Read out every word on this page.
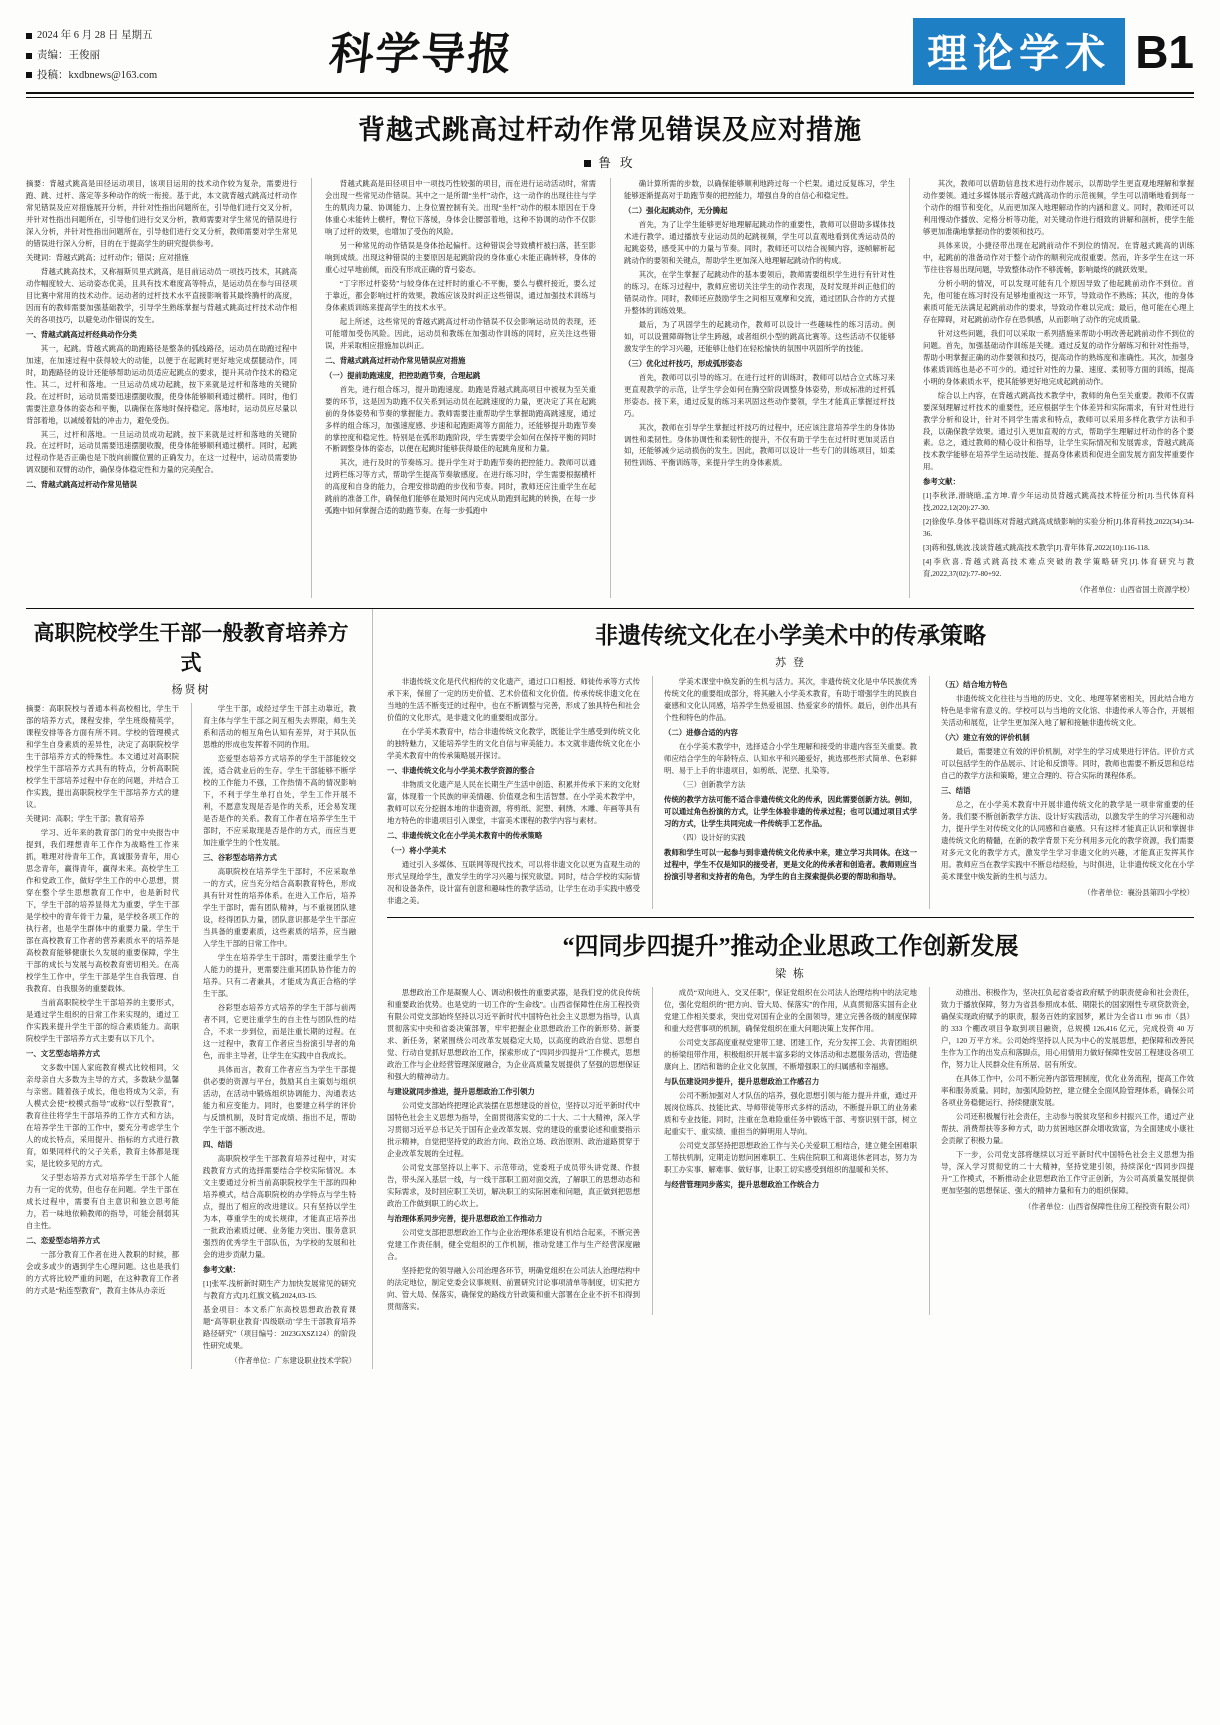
2024 年 6 月 28 日 星期五
责编：王俊丽
投稿：kxdbnews@163.com	科学导报	理论学术 B1
背越式跳高过杆动作常见错误及应对措施
鲁 玫

摘要：背越式跳高是田径运动项目，该项目运用的技术动作较为复杂，需要进行跑、跳、过杆、落定等多种动作的统一衔接。基于此，本文就背越式跳高过杆动作常见错误及应对措施展开分析，并针对性指出问题所在，引导他们进行交叉分析，并针对性指出问题所在，引导他们进行交叉分析，教师需要对学生常见的错误进行深入分析，并针对性指出问题所在，引导他们进行交叉分析，教师需要对学生常见的错误进行深入分析，目的在于提高学生的研究提供参考。

关键词：背越式跳高；过杆动作；错误；应对措施

背越式跳高技术，又称福斯贝里式跳高，是目前运动员一项技巧技术，其跳高动作幅度较大、运动姿态优美，且具有技术难度高等特点，是运动员在参与田径项目比赛中常用的技术动作。运动者的过杆技术水平直接影响着其最终腾杆的高度，因而有的教师需要加强基础教学，引导学生熟练掌握与背越式跳高过杆技术动作相关的各项技巧，以避免动作错误的发生。

一、背越式跳高过杆经典动作分类

其一，起跳。背越式跳高的助跑路径是整条的弧线路径，运动员在助跑过程中加速，在加速过程中获得较大的动能，以便于在起跳时更好地完成摆腿动作，同时，助跑路径的设计还能够帮助运动员适应起跳点的要求，提升其动作技术的稳定性。其二，过杆和落地。一旦运动员成功起跳，按下来就是过杆和落地的关键阶段。在过杆时，运动员需要迅速摆腿收腹，使身体能够顺利通过横杆。同时，他们需要注意身体的姿态和平衡，以确保在落地时保持稳定。落地时，运动员应尽量以背部着地，以减缓着陆的冲击力，避免受伤。

其三，过杆和落地。一旦运动员成功起跳，按下来就是过杆和落地的关键阶段。在过杆时，运动员需要迅速摆腿收腹，使身体能够顺利通过横杆。同时，起跳过程动作是否正确也是下肢向前髋位置的正确发力，在这一过程中，运动员需要协调双腿和双臂的动作，确保身体稳定性和力量的完美配合。

二、背越式跳高过杆动作常见错误

背越式跳高是田径项目中一项技巧性较强的项目，而在进行运动活动时，常需会出现一些常见动作错误。其中之一是所谓“坐杆”动作，这一动作的出现往往与学生的肌肉力量、协调能力、上身位置控制有关。出现“坐杆”动作的根本原因在于身体重心未能转上横杆，臀位下落缓，身体会让腰部着地，这种不协调的动作不仅影响了过杆的效果，也增加了受伤的风险。

另一种常见的动作错误是身体抬起偏杆。这种错误会导致横杆被扫落，甚至影响到成绩。出现这种错误的主要原因是起跳阶段的身体重心未能正确转移，身体的重心过早地前倾，而没有形成正确的背弓姿态。

“丁字形过杆姿势”与较身体在过杆时的重心不平衡，要么与横杆接近，要么过于靠近，都会影响过杆的效果，教练应该及时纠正这些错误，通过加强技术训练与身体素质训练来提高学生的技术水平。

起上所述，这些常见的背越式跳高过杆动作错误不仅会影响运动员的表现，还可能增加受伤风险。因此，运动员和教练在加强动作训练的同时，应关注这些错误，并采取相应措施加以纠正。

二、背越式跳高过杆动作常见错误应对措施

（一）提前助跑速度，把控助跑节奏，合理起跳

首先，进行组合练习，提升助跑速度。助跑是背越式跳高项目中被视为至关重要的环节，这是因为助跑不仅关系到运动员在起跳速度的力量，更决定了其在起跳前的身体姿势和节奏的掌握能力。教师需要注重帮助学生掌握助跑高跳速度，通过多样的组合练习，加强速度感、步速和起跑距离等方面能力，还能够提升助跑节奏的掌控度和稳定性。特别是在弧形助跑阶段，学生需要学会如何在保持平衡的同时不断调整身体的姿态，以便在起跳时能够获得最佳的起跳角度和力量。

其次，进行及时的节奏练习。提升学生对于助跑节奏的把控能力。教师可以通过跨栏练习等方式，帮助学生提高节奏敏感度。在进行练习时，学生需要根据横杆的高度和自身的能力，合理安排助跑的步伐和节奏。同时，教师还应注重学生在起跳前的准备工作，确保他们能够在最短时间内完成从助跑到起跳的转换，在每一步弧跑中如何掌握合适的助跑节奏。在每一步弧跑中

确计算所需的步数，以确保能够顺利地跨过每一个栏架。通过反复练习，学生能够逐渐提高对于助跑节奏的把控能力，增强自身的自信心和稳定性。

（二）强化起跳动作，无分腾起

首先，为了让学生能够更好地理解起跳动作的重要性，教师可以借助多媒体技术进行教学。通过播放专业运动员的起跳视频，学生可以直观地看到优秀运动员的起跳姿势，感受其中的力量与节奏。同时，教师还可以结合视频内容，逐帧解析起跳动作的要领和关键点，帮助学生更加深入地理解起跳动作的构成。

其次，在学生掌握了起跳动作的基本要领后，教师需要组织学生进行有针对性的练习。在练习过程中，教师应密切关注学生的动作表现，及时发现并纠正他们的错误动作。同时，教师还应鼓励学生之间相互观摩和交流，通过团队合作的方式提升整体的训练效果。

最后，为了巩固学生的起跳动作，教师可以设计一些趣味性的练习活动。例如，可以设置障碍物让学生跨越，或者组织小型的跳高比赛等。这些活动不仅能够激发学生的学习兴趣，还能够让他们在轻松愉快的氛围中巩固所学的技能。

（三）优化过杆技巧，形成弧形姿态

首先，教师可以引导的练习。在进行过杆的训练时，教师可以结合立式练习来更直观教学的示范，让学生学会如何在腾空阶段调整身体姿势，形成标准的过杆弧形姿态。接下来，通过反复的练习来巩固这些动作要领，学生才能真正掌握过杆技巧。

其次，教师在引导学生掌握过杆技巧的过程中，还应该注意培养学生的身体协调性和柔韧性。身体协调性和柔韧性的提升，不仅有助于学生在过杆时更加灵活自如，还能够减少运动损伤的发生。因此，教师可以设计一些专门的训练项目，如柔韧性训练、平衡训练等，来提升学生的身体素质。

其次，教师可以借助信息技术进行动作展示，以帮助学生更直观地理解和掌握动作要领。通过多媒体展示背越式跳高动作的示范视频，学生可以清晰地看到每一个动作的细节和变化，从而更加深入地理解动作的内涵和意义。同时，教师还可以利用慢动作播放、定格分析等功能，对关键动作进行细致的讲解和剖析，使学生能够更加准确地掌握动作的要领和技巧。

具体来说，小捷径带出现在起跳前动作不到位的情况。在背越式跳高的训练中，起跳前的准备动作对于整个动作的顺利完成很重要。然而，许多学生在这一环节往往容易出现问题，导致整体动作不够流畅，影响最终的跳跃效果。

分析小明的情况，可以发现可能有几个原因导致了他起跳前动作不到位。首先，他可能在练习时没有足够地重视这一环节，导致动作不熟练；其次，他的身体素质可能无法满足起跳前动作的要求，导致动作难以完成；最后，他可能在心理上存在障碍，对起跳前动作存在恐惧感，从而影响了动作的完成质量。

针对这些问题，我们可以采取一系列措施来帮助小明改善起跳前动作不到位的问题。首先，加强基础动作训练是关键。通过反复的动作分解练习和针对性指导，帮助小明掌握正确的动作要领和技巧，提高动作的熟练度和准确性。其次，加强身体素质训练也是必不可少的。通过针对性的力量、速度、柔韧等方面的训练，提高小明的身体素质水平，使其能够更好地完成起跳前动作。

综合以上内容，在背越式跳高技术教学中，教师的角色至关重要。教师不仅需要深刻理解过杆技术的重要性，还应根据学生个体差异和实际需求，有针对性进行教学分析和设计，针对不同学生需求和特点，教师可以采用多样化教学方法和手段，以确保教学效果。通过引入更加直观的方式，帮助学生理解过杆动作的各个要素。总之，通过教师的精心设计和指导，让学生实际情况和发展需求，背越式跳高技术教学能够在培养学生运动技能、提高身体素质和促进全面发展方面发挥重要作用。

参考文献：

[1]李秋泽,滑晓暗,孟方坤.青少年运动员背越式跳高技术特征分析[J].当代体育科技,2022,12(20):27-30.

[2]徐俊华.身体平稳训练对背越式跳高成绩影响的实验分析[J].体育科技,2022(34):34-36.

[3]蒋和强,姚波.浅谈背越式跳高技术教学[J].青年体育,2022(10):116-118.

[4]李欣喜.背越式跳高技术难点突破的教学策略研究[J].体育研究与教育,2022,37(02):77-80+92.

（作者单位：山西省国土资源学校）

高职院校学生干部一般教育培养方式
杨贤树

摘要：高职院校与普通本科高校相比，学生干部的培养方式，课程安排，学生班级精英学，课程安排等各方面有所不同。学校的管理模式和学生自身素质的差异性，决定了高职院校学生干部培养方式的特殊性。本文通过对高职院校学生干部培养方式具有的特点，分析高职院校学生干部培养过程中存在的问题，并结合工作实践，提出高职院校学生干部培养方式的建议。

关键词：高职；学生干部；教育培养

学习、近年来的教育部门的党中央报告中提到，我们理想青年工作作为战略性工作来抓，唯理对待青年工作，真诚服务青年，用心思念青年，赢得青年，赢得未来。高校学生工作和党政工作，做好学生工作的中心思想，贯穿在整个学生思想教育工作中，也是新时代下，学生干部的培养显得尤为重要，学生干部是学校中的青年骨干力量，是学校各项工作的执行者，也是学生群体中的重要力量。学生干部在高校教育工作者的营养素质水平的培养是高校教育能够健康长久发展的重要保障，学生干部的成长与发展与高校教育密切相关。在高校学生工作中，学生干部是学生自我管理、自我教育、自我服务的重要载体。

当前高职院校学生干部培养的主要形式，是通过学生组织的日常工作来实现的，通过工作实践来提升学生干部的综合素质能力。高职院校学生干部培养方式主要有以下几个。

一、文艺型态培养方式

文多数中国人家庭教育模式比较相同，父亲母亲自大多数为主导的方式，多数缺少温馨与亲密。随着孩子成长，他也将成为父亲，有人模式会使“校模式指导”或称“以行型教育”，教育往往将学生干部培养的工作方式和方法，在培养学生干部的工作中，要充分考虑学生个人的成长特点，采用提升、指标的方式进行教育，如果同样代的父子关系，教育主体都是现实，是比较多见的方式。

父子型态培养方式对培养学生干部个人能力有一定的优势，但也存在问题。学生干部在成长过程中，需要有自主意识和独立思考能力，若一味地依赖教师的指导，可能会削弱其自主性。

二、恋爱型态培养方式

一部分教育工作者在进入教职的时候，都会或多或少的遇到学生心理问题。这也是我们的方式将比较严重的问题，在这种教育工作者的方式是“粘连型教育”，教育主体从办亲近

学生干部，或经过学生干部主动靠近，教育主体与学生干部之间互相失去界限，师生关系和活动的相互角色认知有差异，对于其队伍思维的形成也发挥着不同的作用。

恋爱型态培养方式培养的学生干部能较交流，适合就业后的生存。学生干部能够不断学校的工作能力不强，工作热情不高的情况影响下，不利于学生单打自处，学生工作开展不利，不愿意发现是否是作的关系，还会易发现是否是作的关系。教育工作者在培养学生生干部时，不应采取现是否是作的方式，而应当更加注重学生的个性发展。

三、谷彩型态培养方式

高职院校在培养学生干部时，不应采取单一的方式，应当充分结合高职教育特色，形成具有针对性的培养体系。在进入工作后，培养学生干部时，需有团队精神，与不重视团队建设，经得团队力量，团队意识都是学生干部应当具备的重要素质，这些素质的培养，应当融入学生干部的日常工作中。

学生在培养学生干部时，需要注重学生个人能力的提升，更需要注重其团队协作能力的培养。只有二者兼具，才能成为真正合格的学生干部。

谷彩型态培养方式培养的学生干部与前两者不同，它更注重学生的自主性与团队性的结合，不求一步到位，而是注重长期的过程。在这一过程中，教育工作者应当扮演引导者的角色，而非主导者，让学生在实践中自我成长。

具体而言，教育工作者应当为学生干部提供必要的资源与平台，鼓励其自主策划与组织活动，在活动中锻炼组织协调能力、沟通表达能力和应变能力。同时，也要建立科学的评价与反馈机制，及时肯定成绩、指出不足，帮助学生干部不断改进。

四、结语

高职院校学生干部教育培养过程中，对实践教育方式的选择需要结合学校实际情况。本文主要通过分析当前高职院校学生干部的四种培养模式，结合高职院校的办学特点与学生特点，提出了相应的改进建议。只有坚持以学生为本，尊重学生的成长规律，才能真正培养出一批政治素质过硬、业务能力突出、服务意识强烈的优秀学生干部队伍，为学校的发展和社会的进步贡献力量。

参考文献：

[1]张军.浅析新时期生产力加快发展常见的研究与教育方式[J].红旗文稿,2024,03-15.

基金项目：本文系广东高校思想政治教育课题“高等职业教育‘四级联动’学生干部教育培养路径研究”（项目编号：2023GXSZ124）的阶段性研究成果。

（作者单位：广东建设职业技术学院）

非遗传统文化在小学美术中的传承策略
苏 登

非遗传统文化是代代相传的文化遗产，通过口口相授、师徒传承等方式传承下来，保留了一定的历史价值、艺术价值和文化价值。传承传统非遗文化在当地的生活不断变迁的过程中，也在不断调整与完善，形成了独具特色和社会价值的文化形式，是非遗文化的重要组成部分。

在小学美术教育中，结合非遗传统文化教学，既能让学生感受到传统文化的独特魅力，又能培养学生的文化自信与审美能力。本文就非遗传统文化在小学美术教育中的传承策略展开探讨。

一、非遗传统文化与小学美术教学资源的整合

非物质文化遗产是人民在长期生产生活中创造、积累并传承下来的文化财富，体现着一个民族的审美情趣、价值观念和生活智慧。在小学美术教学中，教师可以充分挖掘本地的非遗资源，将剪纸、泥塑、刺绣、木雕、年画等具有地方特色的非遗项目引入课堂，丰富美术课程的教学内容与素材。

二、非遗传统文化在小学美术教育中的传承策略

（一）将小学美术

通过引入多媒体、互联网等现代技术，可以将非遗文化以更为直观生动的形式呈现给学生，激发学生的学习兴趣与探究欲望。同时，结合学校的实际情况和设备条件，设计富有创意和趣味性的教学活动，让学生在动手实践中感受非遗之美。

学美术课堂中焕发新的生机与活力。其次，非遗传统文化是中华民族优秀传统文化的重要组成部分，将其融入小学美术教育，有助于增强学生的民族自豪感和文化认同感，培养学生热爱祖国、热爱家乡的情怀。最后，创作出具有个性和特色的作品。

（二）进修合适的内容

在小学美术教学中，选择适合小学生理解和接受的非遗内容至关重要。教师应结合学生的年龄特点、认知水平和兴趣爱好，挑选那些形式简单、色彩鲜明、易于上手的非遗项目，如剪纸、泥塑、扎染等。

（三）创新教学方法

传统的教学方法可能不适合非遗传统文化的传承，因此需要创新方法。例如，可以通过角色扮演的方式，让学生体验非遗的传承过程；也可以通过项目式学习的方式，让学生共同完成一件传统手工艺作品。

（四）设计好的实践

教师和学生可以一起参与到非遗传统文化传承中来，建立学习共同体。在这一过程中，学生不仅是知识的接受者，更是文化的传承者和创造者。教师则应当扮演引导者和支持者的角色，为学生的自主探索提供必要的帮助和指导。

（五）结合地方特色

非遗传统文化往往与当地的历史、文化、地理等紧密相关，因此结合地方特色是非常有意义的。学校可以与当地的文化馆、非遗传承人等合作，开展相关活动和展览，让学生更加深入地了解和接触非遗传统文化。

（六）建立有效的评价机制

最后，需要建立有效的评价机制，对学生的学习成果进行评估。评价方式可以包括学生的作品展示、讨论和反馈等。同时，教师也需要不断反思和总结自己的教学方法和策略，建立合理的、符合实际的课程体系。

三、结语

总之，在小学美术教育中开展非遗传统文化的教学是一项非常重要的任务。我们要不断创新教学方法、设计好实践活动，以激发学生的学习兴趣和动力，提升学生对传统文化的认同感和自豪感。只有这样才能真正认识和掌握非遗传统文化的精髓，在新的教学背景下充分利用多元化的教学资源，我们需要对多元文化的教学方式，激发学生学习非遗文化的兴趣，才能真正发挥其作用。教师应当在教学实践中不断总结经验，与时俱进，让非遗传统文化在小学美术课堂中焕发新的生机与活力。

（作者单位：襄汾县第四小学校）

“四同步四提升”推动企业思政工作创新发展
梁 栋

思想政治工作是凝聚人心、调动积极性的重要武器，是我们党的优良传统和重要政治优势。也是党的一切工作的“生命线”。山西省保障性住房工程投资有限公司党支部始终坚持以习近平新时代中国特色社会主义思想为指导，认真贯彻落实中央和省委决策部署，牢牢把握企业思想政治工作的新形势、新要求、新任务，紧紧围绕公司改革发展稳定大局，以高度的政治自觉、思想自觉、行动自觉抓好思想政治工作，探索形成了“四同步四提升”工作模式，思想政治工作与企业经营管理深度融合，为企业高质量发展提供了坚强的思想保证和强大的精神动力。

与建设就同步推进，提升思想政治工作引领力

公司党支部始终把理论武装摆在思想建设的首位，坚持以习近平新时代中国特色社会主义思想为指导，全面贯彻落实党的二十大、二十大精神，深入学习贯彻习近平总书记关于国有企业改革发展、党的建设的重要论述和重要指示批示精神，自觉把坚持党的政治方向、政治立场、政治原则、政治道路贯穿于企业改革发展的全过程。

公司党支部坚持以上率下、示范带动，党委班子成员带头讲党课、作报告，带头深入基层一线，与一线干部职工面对面交流，了解职工的思想动态和实际需求，及时回应职工关切，解决职工的实际困难和问题，真正做到把思想政治工作做到职工的心坎上。

与治理体系同步完善，提升思想政治工作推动力

公司党支部把思想政治工作与企业治理体系建设有机结合起来，不断完善党建工作责任制，健全党组织的工作机制，推动党建工作与生产经营深度融合。

坚持把党的领导融入公司治理各环节，明确党组织在公司法人治理结构中的法定地位，制定党委会议事规则、前置研究讨论事项清单等制度，切实把方向、管大局、保落实，确保党的路线方针政策和重大部署在企业不折不扣得到贯彻落实。

成员“双向进入、交叉任职”，保证党组织在公司法人治理结构中的法定地位，强化党组织的“把方向、管大局、保落实”的作用，从真贯彻落实国有企业党建工作相关要求，突出党对国有企业的全面领导，建立完善各级的制度保障和重大经营事项的机制，确保党组织在重大问题决策上发挥作用。

公司党支部高度重视党建带工建、团建工作，充分发挥工会、共青团组织的桥梁纽带作用，积极组织开展丰富多彩的文体活动和志愿服务活动，营造健康向上、团结和谐的企业文化氛围，不断增强职工的归属感和幸福感。

与队伍建设同步提升，提升思想政治工作感召力

公司不断加强对人才队伍的培养，强化思想引领与能力提升并重，通过开展岗位练兵、技能比武、导师带徒等形式多样的活动，不断提升职工的业务素质和专业技能。同时，注重在急难险重任务中锻炼干部、考察识别干部，树立起重实干、重实绩、重担当的鲜明用人导向。

公司党支部坚持把思想政治工作与关心关爱职工相结合，建立健全困难职工帮扶机制，定期走访慰问困难职工、生病住院职工和离退休老同志，努力为职工办实事、解难事、做好事，让职工切实感受到组织的温暖和关怀。

与经营管理同步落实，提升思想政治工作统合力

动推出、积极作为，坚决扛负起省委省政府赋予的职责使命和社会责任，致力于播放保障，努力为省县参照成本低、期限长的国家刚性专项贷款资金，确保实现政府赋予的职责，服务百姓的家园梦，累计为全省11 市 96 市（县）的 333 个棚改项目争取到项目融资，总规模 126,416 亿元，完成投资 40 万户，120 万平方米。公司始终坚持以人民为中心的发展思想，把保障和改善民生作为工作的出发点和落脚点，用心用情用力做好保障性安居工程建设各项工作，努力让人民群众住有所居、居有所安。

在具体工作中，公司不断完善内部管理制度，优化业务流程，提高工作效率和服务质量。同时，加强风险防控，建立健全全面风险管理体系，确保公司各项业务稳健运行、持续健康发展。

公司还积极履行社会责任，主动参与脱贫攻坚和乡村振兴工作，通过产业帮扶、消费帮扶等多种方式，助力贫困地区群众增收致富，为全面建成小康社会贡献了积极力量。

下一步，公司党支部将继续以习近平新时代中国特色社会主义思想为指导，深入学习贯彻党的二十大精神，坚持党建引领，持续深化“四同步四提升”工作模式，不断推动企业思想政治工作守正创新，为公司高质量发展提供更加坚强的思想保证、强大的精神力量和有力的组织保障。

（作者单位：山西省保障性住房工程投资有限公司）
